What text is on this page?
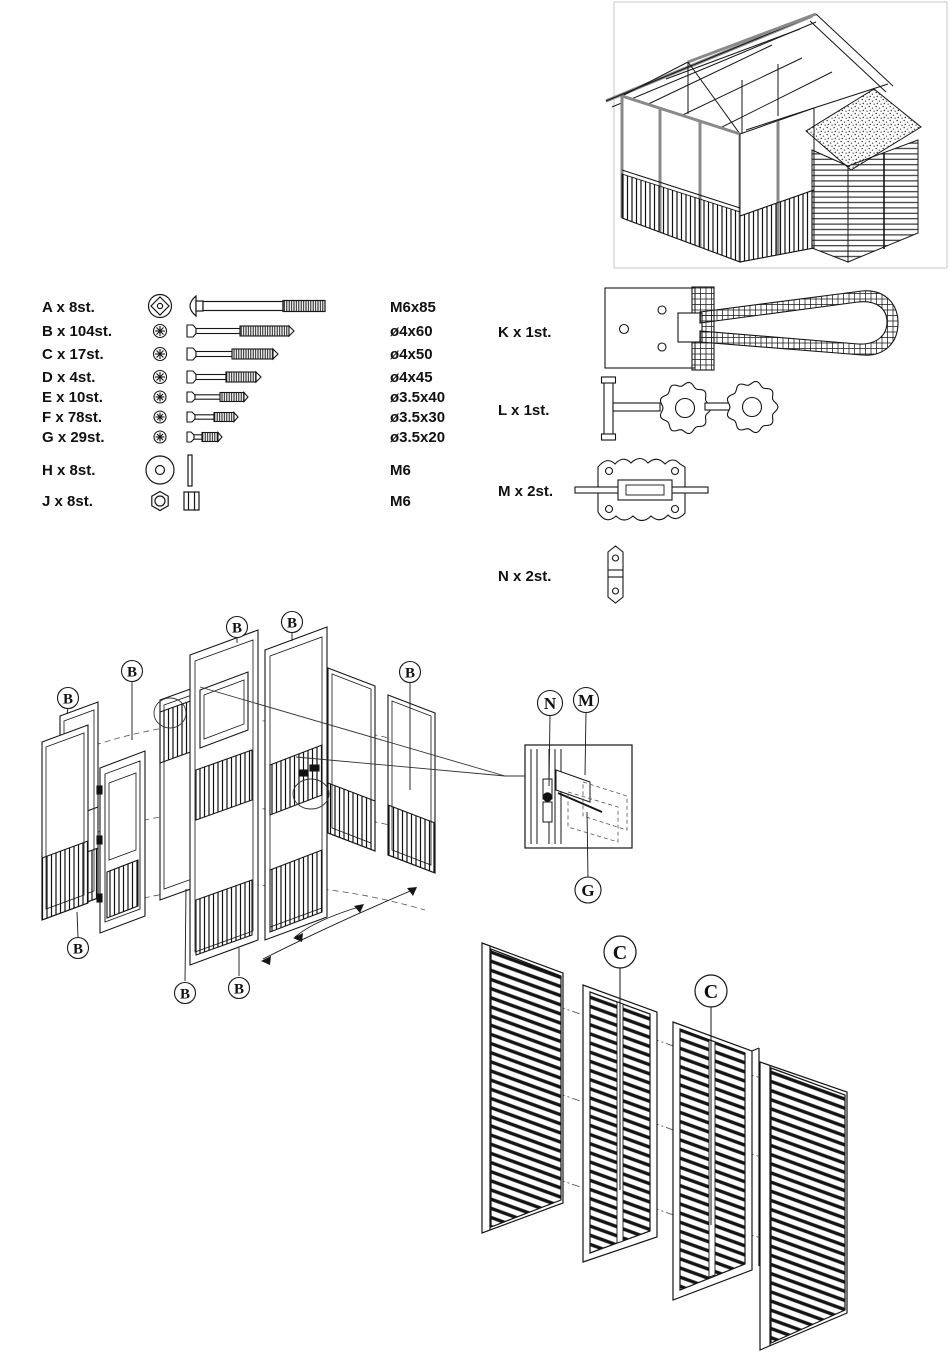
A x 8st.	M6x85
B x 104st.	ø4x60
C x 17st.	ø4x50
D x 4st.	ø4x45
E x 10st.	ø3.5x40
F x 78st.	ø3.5x30
G x 29st.	ø3.5x20
H x 8st.	M6
J x 8st.	M6
K x 1st.
L x 1st.
M x 2st.
N x 2st.
B
B
B	B
B
B
B	B
N M
G
C
C
